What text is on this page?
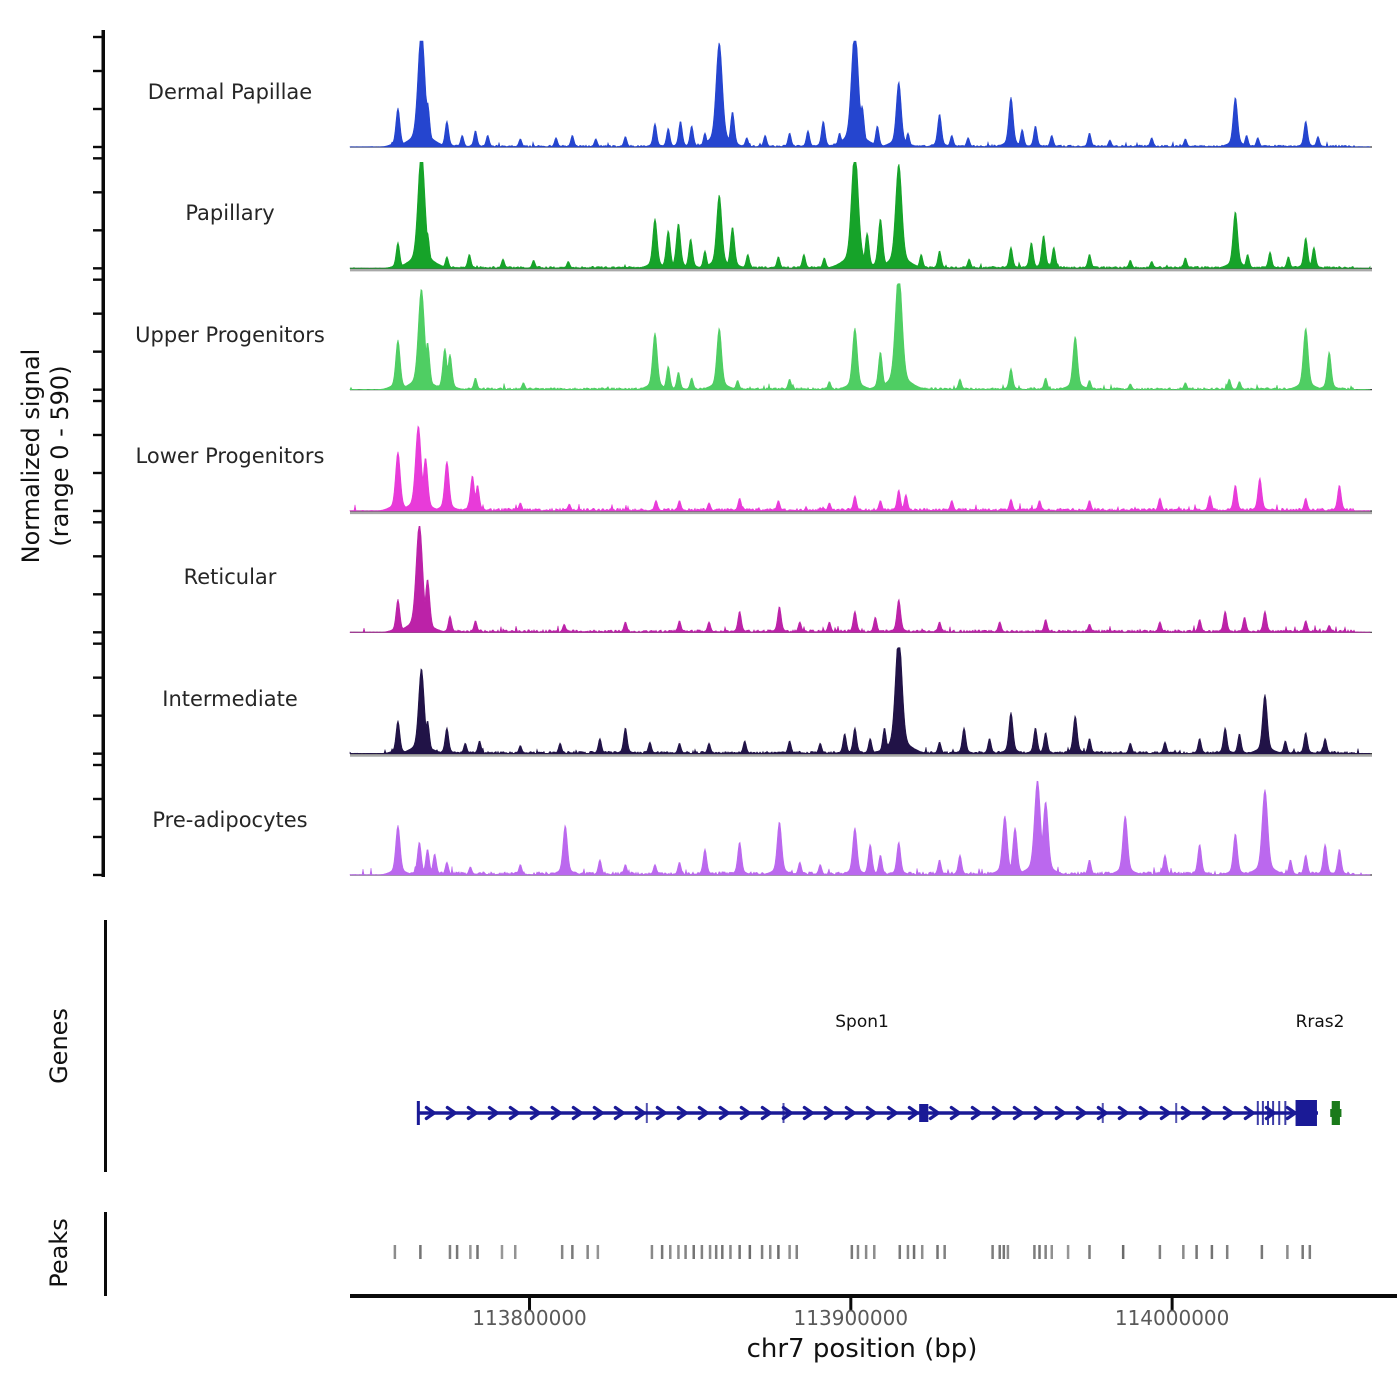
Normalized signal (range 0 - 590)
Genes
Peaks
chr7 position (bp)
Dermal Papillae
Papillary
Upper Progenitors
Lower Progenitors
Reticular
Intermediate
Pre-adipocytes
Spon1	Rras2
113800000	113900000	114000000
